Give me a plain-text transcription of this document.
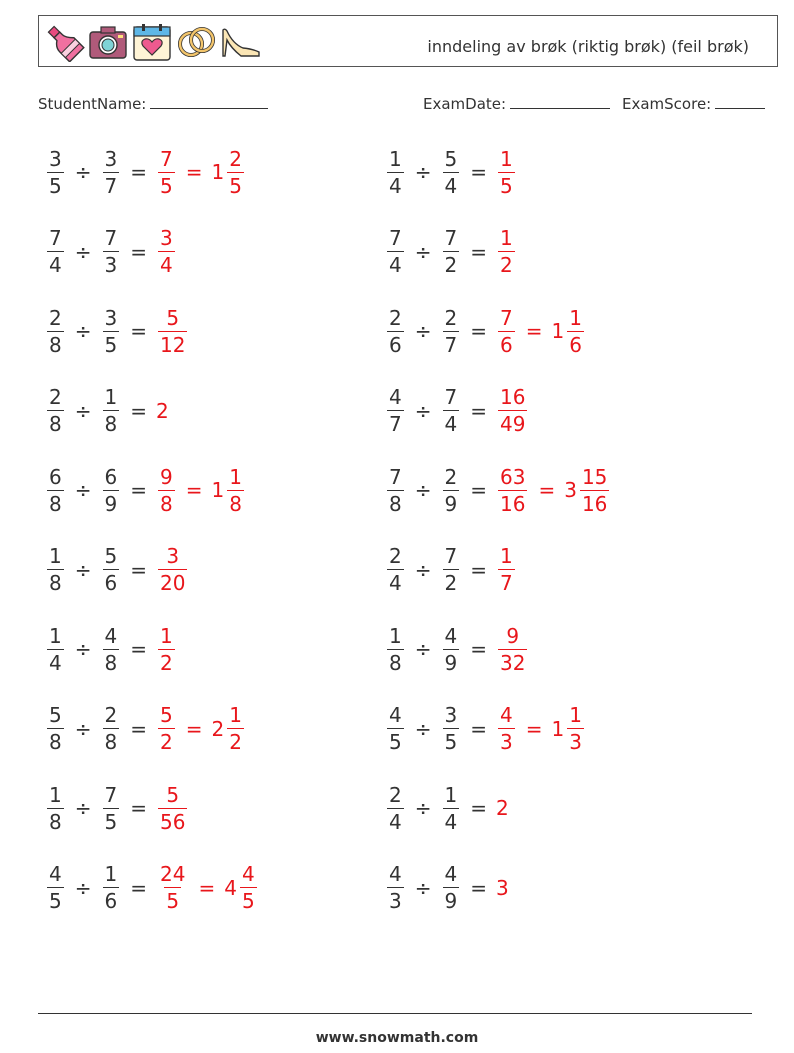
inndeling av brøk (riktig brøk) (feil brøk)
StudentName:	ExamDate:	ExamScore:
$\frac{3}{5} \div \frac{3}{7} = \frac{7}{5} = 1 \frac{2}{5}$	$\frac{1}{4} \div \frac{5}{4} = \frac{1}{5}$
$\frac{7}{4} \div \frac{7}{3} = \frac{3}{4}$	$\frac{7}{4} \div \frac{7}{2} = \frac{1}{2}$
$\frac{2}{8} \div \frac{3}{5} = \frac{5}{12}$	$\frac{2}{6} \div \frac{2}{7} = \frac{7}{6} = 1 \frac{1}{6}$
$\frac{2}{8} \div \frac{1}{8} = 2$	$\frac{4}{7} \div \frac{7}{4} = \frac{16}{49}$
$\frac{6}{8} \div \frac{6}{9} = \frac{9}{8} = 1 \frac{1}{8}$	$\frac{7}{8} \div \frac{2}{9} = \frac{63}{16} = 3 \frac{15}{16}$
$\frac{1}{8} \div \frac{5}{6} = \frac{3}{20}$	$\frac{2}{4} \div \frac{7}{2} = \frac{1}{7}$
$\frac{1}{4} \div \frac{4}{8} = \frac{1}{2}$	$\frac{1}{8} \div \frac{4}{9} = \frac{9}{32}$
$\frac{5}{8} \div \frac{2}{8} = \frac{5}{2} = 2 \frac{1}{2}$	$\frac{4}{5} \div \frac{3}{5} = \frac{4}{3} = 1 \frac{1}{3}$
$\frac{1}{8} \div \frac{7}{5} = \frac{5}{56}$	$\frac{2}{4} \div \frac{1}{4} = 2$
$\frac{4}{5} \div \frac{1}{6} = \frac{24}{5} = 4 \frac{4}{5}$	$\frac{4}{3} \div \frac{4}{9} = 3$
www.snowmath.com
